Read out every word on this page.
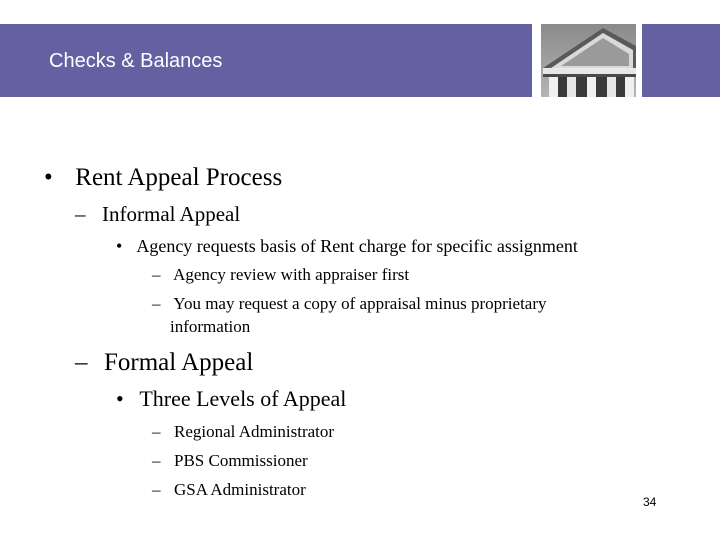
Checks & Balances
• Rent Appeal Process
– Informal Appeal
• Agency requests basis of Rent charge for specific assignment
– Agency review with appraiser first
– You may request a copy of appraisal minus proprietary
information
– Formal Appeal
• Three Levels of Appeal
– Regional Administrator
– PBS Commissioner
– GSA Administrator
34
